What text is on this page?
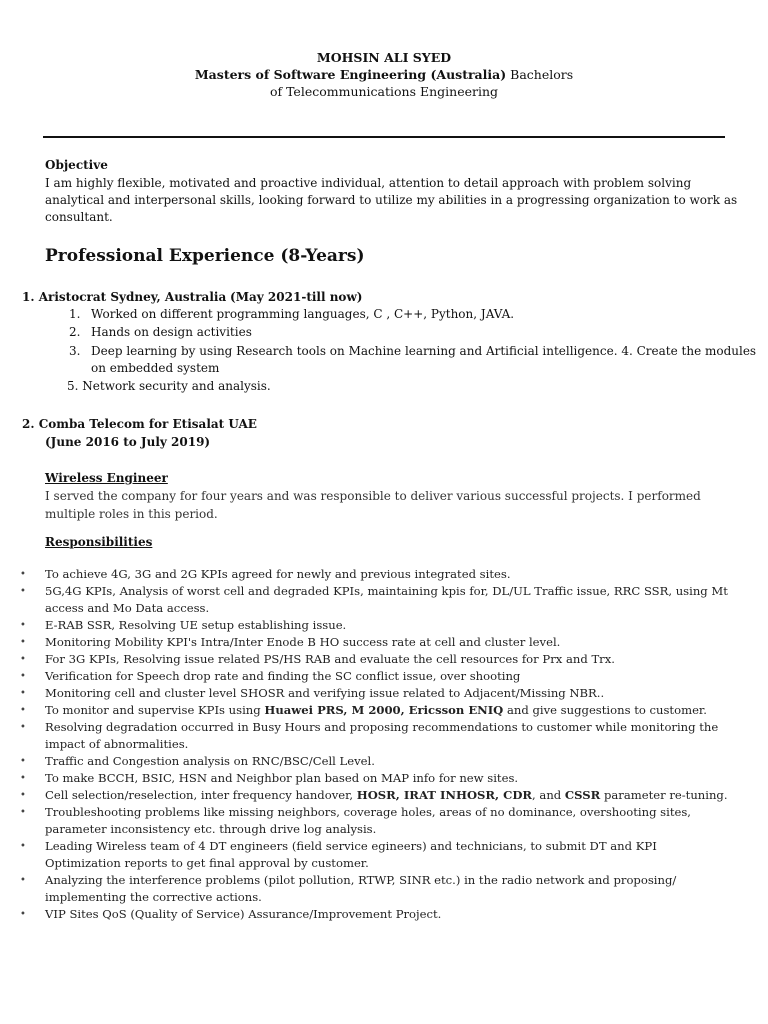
MOHSIN ALI SYED
Masters of Software Engineering (Australia) Bachelors
of Telecommunications Engineering
Objective
I am highly flexible, motivated and proactive individual, attention to detail approach with problem solving
analytical and interpersonal skills, looking forward to utilize my abilities in a progressing organization to work as
consultant.
Professional Experience (8-Years)
1. Aristocrat Sydney, Australia (May 2021-till now)
1. Worked on different programming languages, C , C++, Python, JAVA.
2. Hands on design activities
3. Deep learning by using Research tools on Machine learning and Artificial intelligence. 4. Create the modules
on embedded system
5. Network security and analysis.
2. Comba Telecom for Etisalat UAE
(June 2016 to July 2019)
Wireless Engineer
I served the company for four years and was responsible to deliver various successful projects. I performed
multiple roles in this period.
Responsibilities
• To achieve 4G, 3G and 2G KPIs agreed for newly and previous integrated sites.
• 5G,4G KPIs, Analysis of worst cell and degraded KPIs, maintaining kpis for, DL/UL Traffic issue, RRC SSR, using Mt
access and Mo Data access.
• E-RAB SSR, Resolving UE setup establishing issue.
• Monitoring Mobility KPI's Intra/Inter Enode B HO success rate at cell and cluster level.
• For 3G KPIs, Resolving issue related PS/HS RAB and evaluate the cell resources for Prx and Trx.
• Verification for Speech drop rate and finding the SC conflict issue, over shooting
• Monitoring cell and cluster level SHOSR and verifying issue related to Adjacent/Missing NBR..
• To monitor and supervise KPIs using Huawei PRS, M 2000, Ericsson ENIQ and give suggestions to customer.
• Resolving degradation occurred in Busy Hours and proposing recommendations to customer while monitoring the
impact of abnormalities.
• Traffic and Congestion analysis on RNC/BSC/Cell Level.
• To make BCCH, BSIC, HSN and Neighbor plan based on MAP info for new sites.
• Cell selection/reselection, inter frequency handover, HOSR, IRAT INHOSR, CDR, and CSSR parameter re-tuning.
• Troubleshooting problems like missing neighbors, coverage holes, areas of no dominance, overshooting sites,
parameter inconsistency etc. through drive log analysis.
• Leading Wireless team of 4 DT engineers (field service egineers) and technicians, to submit DT and KPI
Optimization reports to get final approval by customer.
• Analyzing the interference problems (pilot pollution, RTWP, SINR etc.) in the radio network and proposing/
implementing the corrective actions.
• VIP Sites QoS (Quality of Service) Assurance/Improvement Project.
